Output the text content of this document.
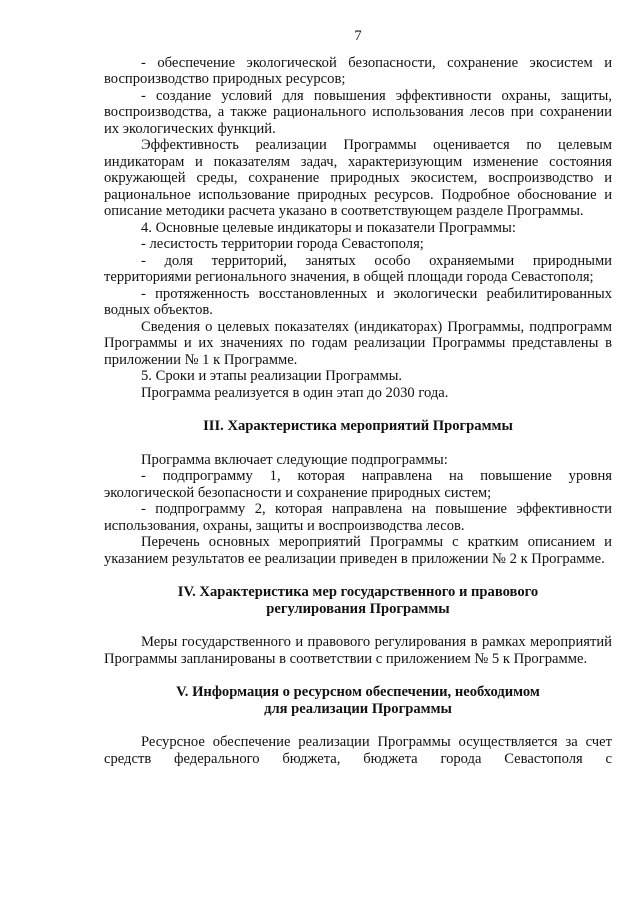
7

- обеспечение экологической безопасности, сохранение экосистем и воспроизводство природных ресурсов;

- создание условий для повышения эффективности охраны, защиты, воспроизводства, а также рационального использования лесов при сохранении их экологических функций.

Эффективность реализации Программы оценивается по целевым индикаторам и показателям задач, характеризующим изменение состояния окружающей среды, сохранение природных экосистем, воспроизводство и рациональное использование природных ресурсов. Подробное обоснование и описание методики расчета указано в соответствующем разделе Программы.

4. Основные целевые индикаторы и показатели Программы:

- лесистость территории города Севастополя;

- доля территорий, занятых особо охраняемыми природными территориями регионального значения, в общей площади города Севастополя;

- протяженность восстановленных и экологически реабилитированных водных объектов.

Сведения о целевых показателях (индикаторах) Программы, подпрограмм Программы и их значениях по годам реализации Программы представлены в приложении № 1 к Программе.

5. Сроки и этапы реализации Программы.

Программа реализуется в один этап до 2030 года.

III. Характеристика мероприятий Программы

Программа включает следующие подпрограммы:

- подпрограмму 1, которая направлена на повышение уровня экологической безопасности и сохранение природных систем;

- подпрограмму 2, которая направлена на повышение эффективности использования, охраны, защиты и воспроизводства лесов.

Перечень основных мероприятий Программы с кратким описанием и указанием результатов ее реализации приведен в приложении № 2 к Программе.

IV. Характеристика мер государственного и правового
регулирования Программы

Меры государственного и правового регулирования в рамках мероприятий Программы запланированы в соответствии с приложением № 5 к Программе.

V. Информация о ресурсном обеспечении, необходимом
для реализации Программы

Ресурсное обеспечение реализации Программы осуществляется за счет средств федерального бюджета, бюджета города Севастополя с
